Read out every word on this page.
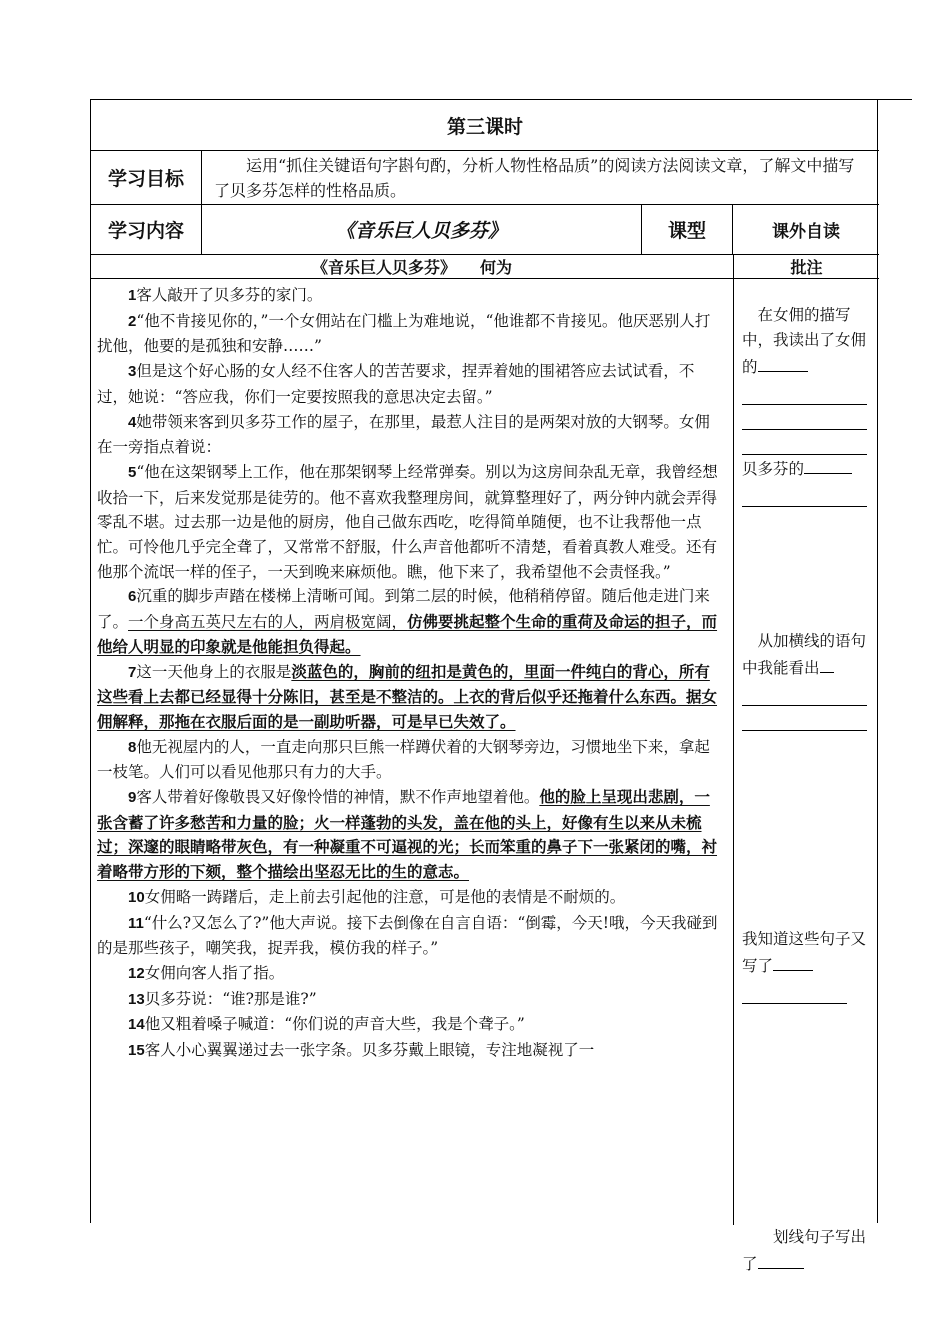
第三课时
学习目标
运用“抓住关键语句字斟句酌，分析人物性格品质”的阅读方法阅读文章，了解文中描写了贝多芬怎样的性格品质。
学习内容	《音乐巨人贝多芬》	课型	课外自读
《音乐巨人贝多芬》 何为	批注

1客人敲开了贝多芬的家门。

2“他不肯接见你的，”一个女佣站在门槛上为难地说，“他谁都不肯接见。他厌恶别人打扰他，他要的是孤独和安静……”

3但是这个好心肠的女人经不住客人的苦苦要求，捏弄着她的围裙答应去试试看，不过，她说：“答应我，你们一定要按照我的意思决定去留。”

4她带领来客到贝多芬工作的屋子，在那里，最惹人注目的是两架对放的大钢琴。女佣在一旁指点着说：

5“他在这架钢琴上工作，他在那架钢琴上经常弹奏。别以为这房间杂乱无章，我曾经想收拾一下，后来发觉那是徒劳的。他不喜欢我整理房间，就算整理好了，两分钟内就会弄得零乱不堪。过去那一边是他的厨房，他自己做东西吃，吃得简单随便，也不让我帮他一点忙。可怜他几乎完全聋了，又常常不舒服，什么声音他都听不清楚，看着真教人难受。还有他那个流氓一样的侄子，一天到晚来麻烦他。瞧，他下来了，我希望他不会责怪我。”

6沉重的脚步声踏在楼梯上清晰可闻。到第二层的时候，他稍稍停留。随后他走进门来了。一个身高五英尺左右的人，两肩极宽阔，仿佛要挑起整个生命的重荷及命运的担子，而他给人明显的印象就是他能担负得起。

7这一天他身上的衣服是淡蓝色的，胸前的纽扣是黄色的，里面一件纯白的背心，所有这些看上去都已经显得十分陈旧，甚至是不整洁的。上衣的背后似乎还拖着什么东西。据女佣解释，那拖在衣服后面的是一副助听器，可是早已失效了。

8他无视屋内的人，一直走向那只巨熊一样蹲伏着的大钢琴旁边，习惯地坐下来，拿起一枝笔。人们可以看见他那只有力的大手。

9客人带着好像敬畏又好像怜惜的神情，默不作声地望着他。他的脸上呈现出悲剧，一张含蓄了许多愁苦和力量的脸；火一样蓬勃的头发，盖在他的头上，好像有生以来从未梳过；深邃的眼睛略带灰色，有一种凝重不可逼视的光；长而笨重的鼻子下一张紧闭的嘴，衬着略带方形的下颏，整个描绘出坚忍无比的生的意志。

10女佣略一踌躇后，走上前去引起他的注意，可是他的表情是不耐烦的。

11“什么?又怎么了?”他大声说。接下去倒像在自言自语：“倒霉，今天!哦，今天我碰到的是那些孩子，嘲笑我，捉弄我，模仿我的样子。”

12女佣向客人指了指。

13贝多芬说：“谁?那是谁?”

14他又粗着嗓子喊道：“你们说的声音大些，我是个聋子。”

15客人小心翼翼递过去一张字条。贝多芬戴上眼镜，专注地凝视了一

在女佣的描写中，我读出了女佣的
贝多芬的
从加横线的语句中我能看出
我知道这些句子又写了
划线句子写出了
